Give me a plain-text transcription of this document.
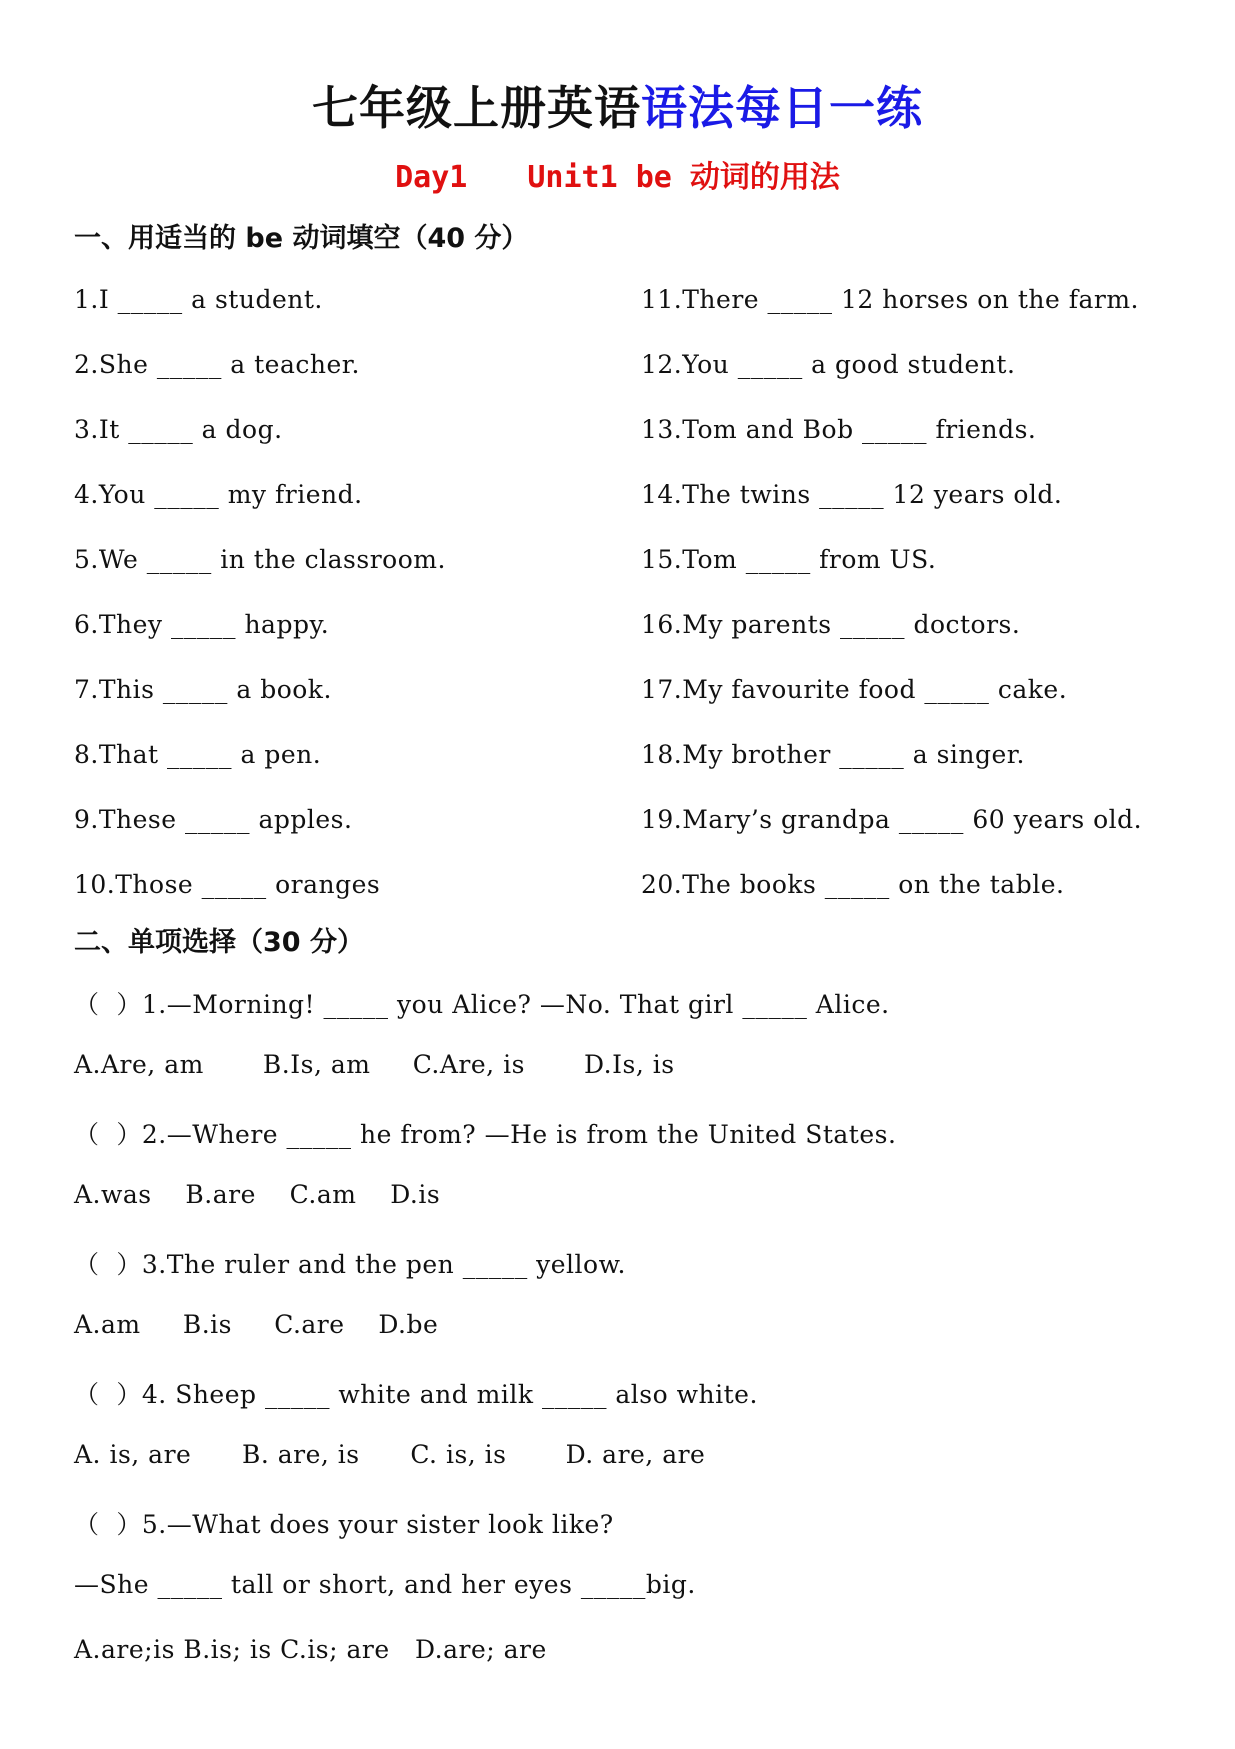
七年级上册英语语法每日一练
Day1 Unit1 be 动词的用法
一、用适当的 be 动词填空（40 分）
1.I _____ a student.
2.She _____ a teacher.
3.It _____ a dog.
4.You _____ my friend.
5.We _____ in the classroom.
6.They _____ happy.
7.This _____ a book.
8.That _____ a pen.
9.These _____ apples.
10.Those _____ oranges
11.There _____ 12 horses on the farm.
12.You _____ a good student.
13.Tom and Bob _____ friends.
14.The twins _____ 12 years old.
15.Tom _____ from US.
16.My parents _____ doctors.
17.My favourite food _____ cake.
18.My brother _____ a singer.
19.Mary’s grandpa _____ 60 years old.
20.The books _____ on the table.
二、单项选择（30 分）
（  ）1.—Morning! _____ you Alice? —No. That girl _____ Alice.
A.Are, am       B.Is, am     C.Are, is       D.Is, is
（  ）2.—Where _____ he from? —He is from the United States.
A.was    B.are    C.am    D.is
（  ）3.The ruler and the pen _____ yellow.
A.am     B.is     C.are    D.be
（  ）4. Sheep _____ white and milk _____ also white.
A. is, are      B. are, is      C. is, is       D. are, are
（  ）5.—What does your sister look like?
—She _____ tall or short, and her eyes _____big.
A.are;is B.is; is C.is; are   D.are; are
